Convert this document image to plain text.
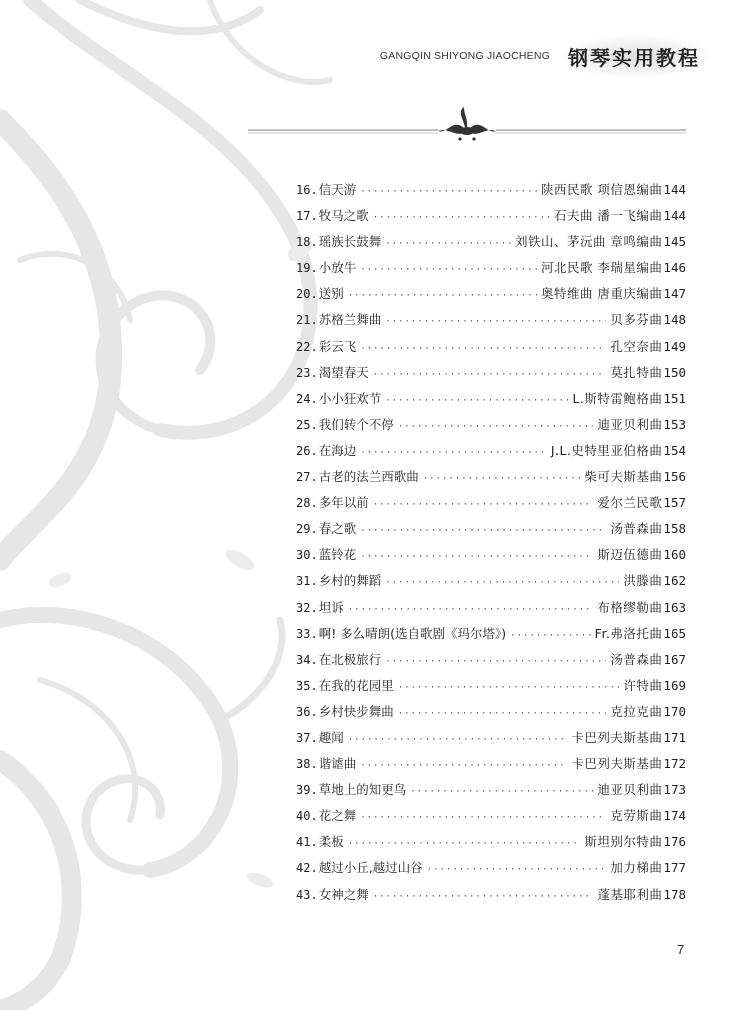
GANGQIN SHIYONG JIAOCHENG 钢琴实用教程
16. 信天游 ·····	陕西民歌 项信恩编曲 144
17. 牧马之歌 ·····	石夫曲 潘一飞编曲 144
18. 瑶族长鼓舞 ·····	刘铁山、茅沅曲 章鸣编曲 145
19. 小放牛 ·····	河北民歌 李瑞星编曲 146
20. 送别 ·····	奥特维曲 唐重庆编曲 147
21. 苏格兰舞曲 ·····	贝多芬曲 148
22. 彩云飞 ·····	孔空奈曲 149
23. 渴望春天 ·····	莫扎特曲 150
24. 小小狂欢节 ·····	L.斯特雷鲍格曲 151
25. 我们转个不停 ·····	迪亚贝利曲 153
26. 在海边 ·····	J.L.史特里亚伯格曲 154
27. 古老的法兰西歌曲 ·····	柴可夫斯基曲 156
28. 多年以前 ·····	爱尔兰民歌 157
29. 春之歌 ·····	汤普森曲 158
30. 蓝铃花 ·····	斯迈伍德曲 160
31. 乡村的舞蹈 ·····	洪滕曲 162
32. 坦诉 ·····	布格缪勒曲 163
33. 啊! 多么晴朗(选自歌剧《玛尔塔》) ·····	Fr.弗洛托曲 165
34. 在北极旅行 ·····	汤普森曲 167
35. 在我的花园里 ·····	许特曲 169
36. 乡村快步舞曲 ·····	克拉克曲 170
37. 趣闻 ·····	卡巴列夫斯基曲 171
38. 谐谑曲 ·····	卡巴列夫斯基曲 172
39. 草地上的知更鸟 ·····	迪亚贝利曲 173
40. 花之舞 ·····	克劳斯曲 174
41. 柔板 ·····	斯坦别尔特曲 176
42. 越过小丘,越过山谷 ·····	加力梯曲 177
43. 女神之舞 ·····	蓬基耶利曲 178
7
